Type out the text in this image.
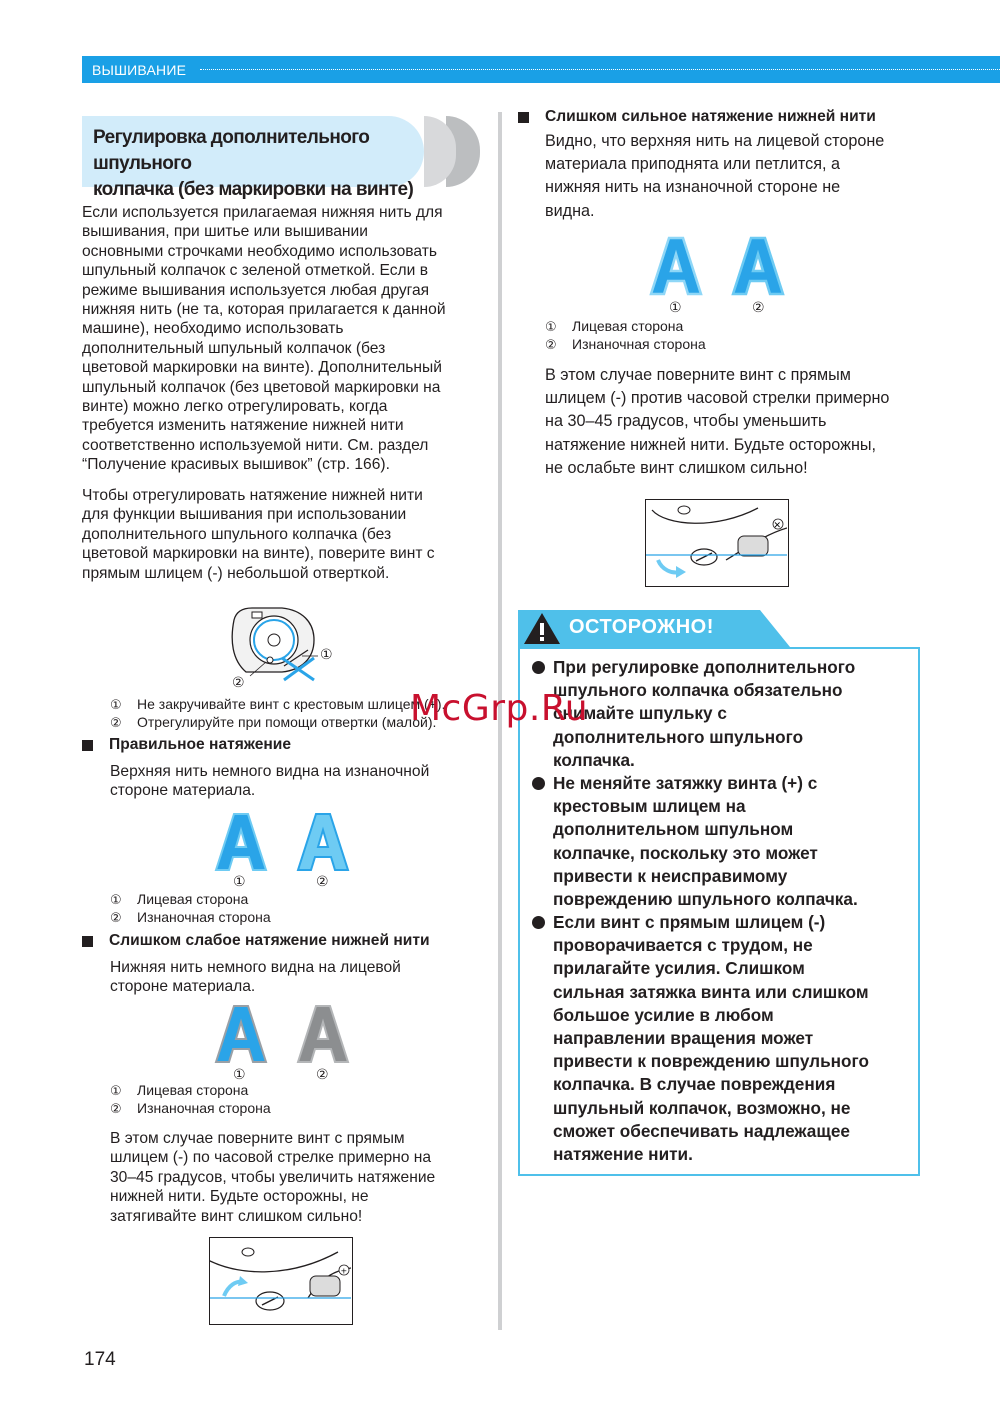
ВЫШИВАНИЕ
Регулировка дополнительного шпульного
колпачка (без маркировки на винте)
Если используется прилагаемая нижняя нить для
вышивания, при шитье или вышивании
основными строчками необходимо использовать
шпульный колпачок с зеленой отметкой. Если в
режиме вышивания используется любая другая
нижняя нить (не та, которая прилагается к данной
машине), необходимо использовать
дополнительный шпульный колпачок (без
цветовой маркировки на винте). Дополнительный
шпульный колпачок (без цветовой маркировки на
винте) можно легко отрегулировать, когда
требуется изменить натяжение нижней нити
соответственно используемой нити. См. раздел
“Получение красивых вышивок” (стр. 166).
Чтобы отрегулировать натяжение нижней нити
для функции вышивания при использовании
дополнительного шпульного колпачка (без
цветовой маркировки на винте), поверите винт с
прямым шлицем (-) небольшой отверткой.
①
②
①	Не закручивайте винт с крестовым шлицем (+).
②	Отрегулируйте при помощи отвертки (малой).
Правильное натяжение
Верхняя нить немного видна на изнаночной
стороне материала.
①	②
①	Лицевая сторона
②	Изнаночная сторона
Слишком слабое натяжение нижней нити
Нижняя нить немного видна на лицевой
стороне материала.
①	②
①	Лицевая сторона
②	Изнаночная сторона
В этом случае поверните винт с прямым
шлицем (-) по часовой стрелке примерно на
30–45 градусов, чтобы увеличить натяжение
нижней нити. Будьте осторожны, не
затягивайте винт слишком сильно!
+
Слишком сильное натяжение нижней нити
Видно, что верхняя нить на лицевой стороне
материала приподнята или петлится, а
нижняя нить на изнаночной стороне не
видна.
①	②
①	Лицевая сторона
②	Изнаночная сторона
В этом случае поверните винт с прямым
шлицем (-) против часовой стрелки примерно
на 30–45 градусов, чтобы уменьшить
натяжение нижней нити. Будьте осторожны,
не ослабьте винт слишком сильно!
✕
ОСТОРОЖНО!
При регулировке дополнительного
шпульного колпачка обязательно
снимайте шпульку с
дополнительного шпульного
колпачка.
Не меняйте затяжку винта (+) с
крестовым шлицем на
дополнительном шпульном
колпачке, поскольку это может
привести к неисправимому
повреждению шпульного колпачка.
Если винт с прямым шлицем (-)
проворачивается с трудом, не
прилагайте усилия. Слишком
сильная затяжка винта или слишком
большое усилие в любом
направлении вращения может
привести к повреждению шпульного
колпачка. В случае повреждения
шпульный колпачок, возможно, не
сможет обеспечивать надлежащее
натяжение нити.
McGrp.Ru
174
